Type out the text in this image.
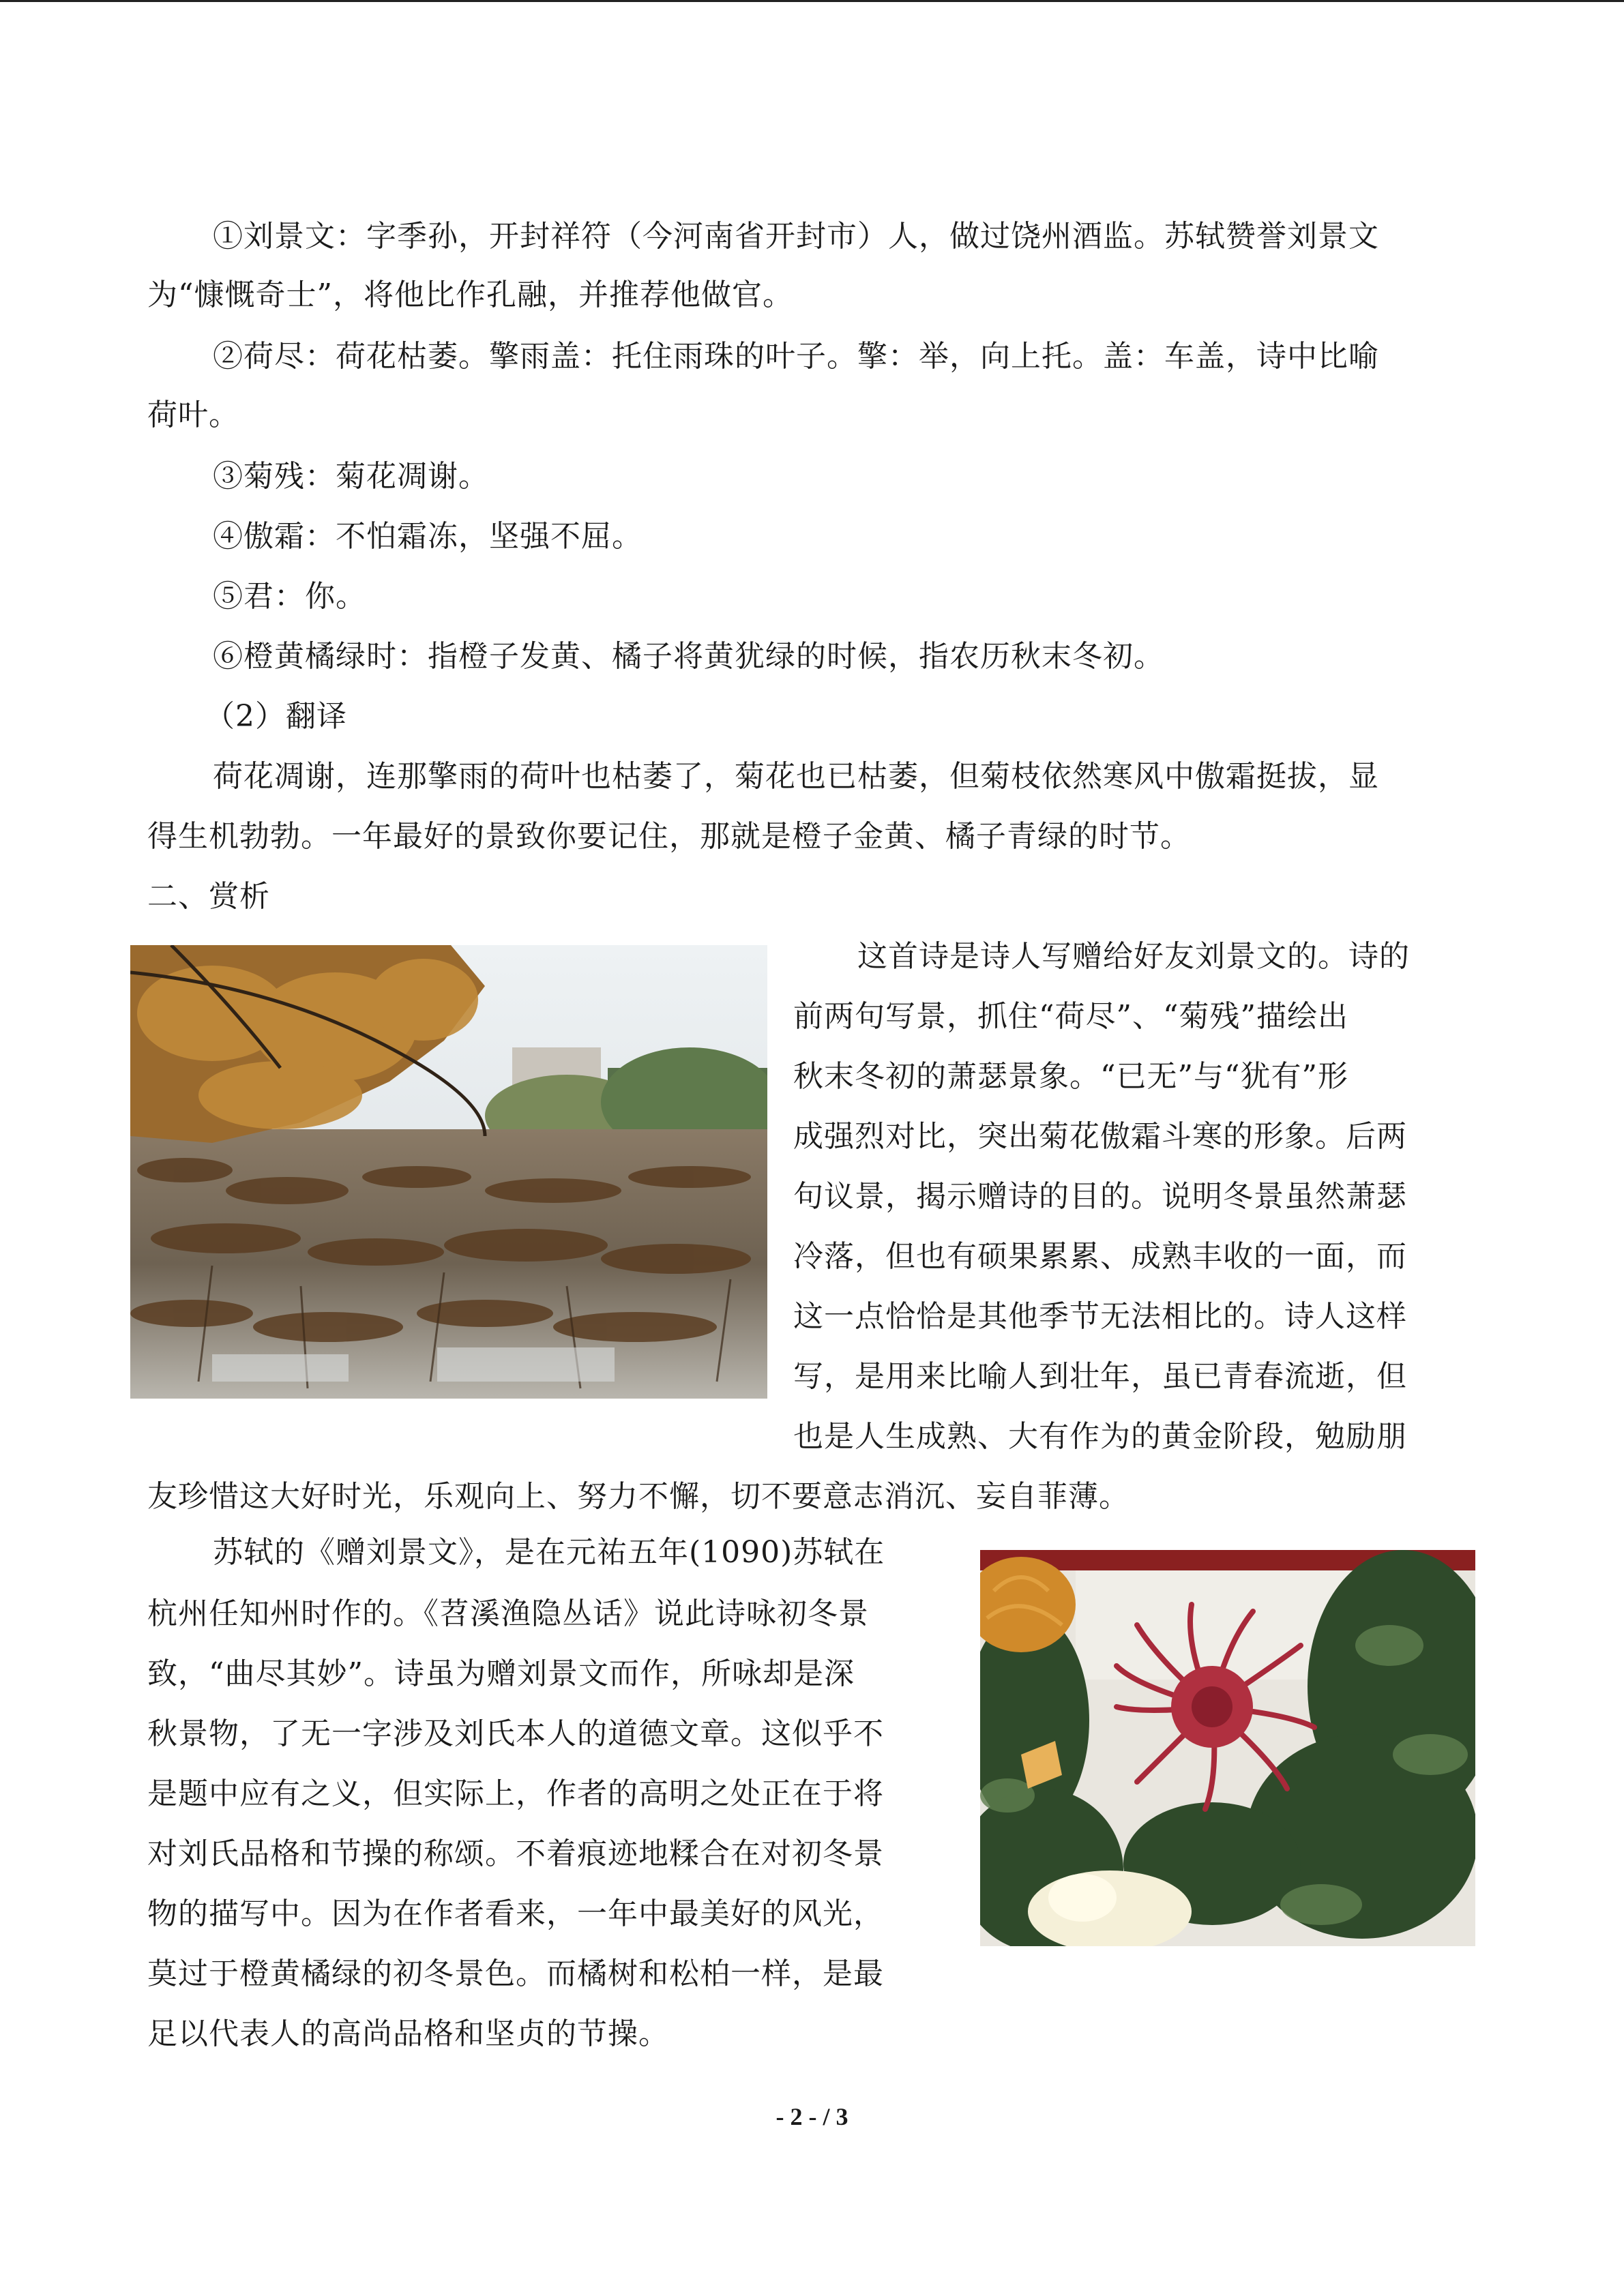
①刘景文：字季孙，开封祥符（今河南省开封市）人，做过饶州酒监。苏轼赞誉刘景文
为“慷慨奇士”，将他比作孔融，并推荐他做官。
②荷尽：荷花枯萎。擎雨盖：托住雨珠的叶子。擎：举，向上托。盖：车盖，诗中比喻
荷叶。
③菊残：菊花凋谢。
④傲霜：不怕霜冻，坚强不屈。
⑤君：你。
⑥橙黄橘绿时：指橙子发黄、橘子将黄犹绿的时候，指农历秋末冬初。
（2）翻译
荷花凋谢，连那擎雨的荷叶也枯萎了，菊花也已枯萎，但菊枝依然寒风中傲霜挺拔，显
得生机勃勃。一年最好的景致你要记住，那就是橙子金黄、橘子青绿的时节。
二、赏析
这首诗是诗人写赠给好友刘景文的。诗的
前两句写景，抓住“荷尽”、“菊残”描绘出
秋末冬初的萧瑟景象。“已无”与“犹有”形
成强烈对比，突出菊花傲霜斗寒的形象。后两
句议景，揭示赠诗的目的。说明冬景虽然萧瑟
冷落，但也有硕果累累、成熟丰收的一面，而
这一点恰恰是其他季节无法相比的。诗人这样
写，是用来比喻人到壮年，虽已青春流逝，但
也是人生成熟、大有作为的黄金阶段，勉励朋
友珍惜这大好时光，乐观向上、努力不懈，切不要意志消沉、妄自菲薄。
苏轼的《赠刘景文》，是在元祐五年(1090)苏轼在
杭州任知州时作的。《苕溪渔隐丛话》说此诗咏初冬景
致，“曲尽其妙”。诗虽为赠刘景文而作，所咏却是深
秋景物，了无一字涉及刘氏本人的道德文章。这似乎不
是题中应有之义，但实际上，作者的高明之处正在于将
对刘氏品格和节操的称颂。不着痕迹地糅合在对初冬景
物的描写中。因为在作者看来，一年中最美好的风光，
莫过于橙黄橘绿的初冬景色。而橘树和松柏一样，是最
足以代表人的高尚品格和坚贞的节操。
- 2 - / 3
